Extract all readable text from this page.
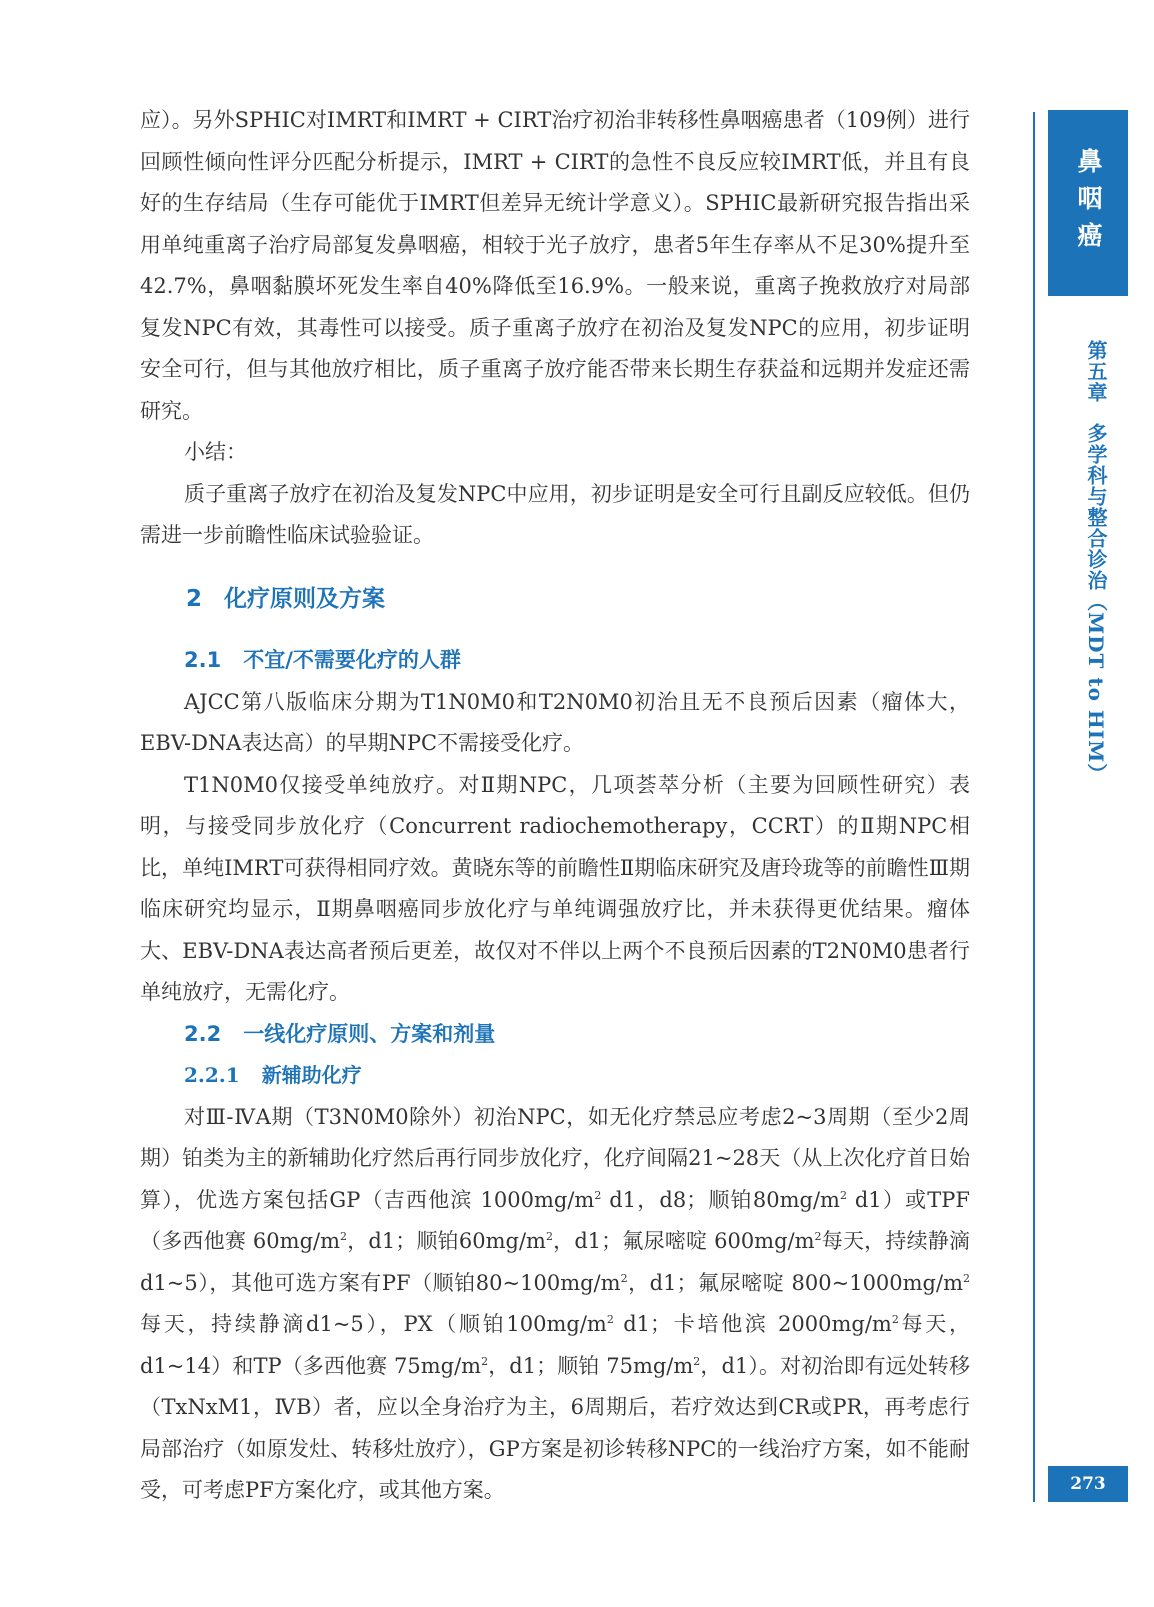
应）。另外SPHIC对IMRT和IMRT + CIRT治疗初治非转移性鼻咽癌患者（109例）进行回顾性倾向性评分匹配分析提示，IMRT + CIRT的急性不良反应较IMRT低，并且有良好的生存结局（生存可能优于IMRT但差异无统计学意义）。SPHIC最新研究报告指出采用单纯重离子治疗局部复发鼻咽癌，相较于光子放疗，患者5年生存率从不足30%提升至42.7%，鼻咽黏膜坏死发生率自40%降低至16.9%。一般来说，重离子挽救放疗对局部复发NPC有效，其毒性可以接受。质子重离子放疗在初治及复发NPC的应用，初步证明安全可行，但与其他放疗相比，质子重离子放疗能否带来长期生存获益和远期并发症还需研究。

小结：

质子重离子放疗在初治及复发NPC中应用，初步证明是安全可行且副反应较低。但仍需进一步前瞻性临床试验验证。

2 化疗原则及方案
2.1 不宜/不需要化疗的人群

AJCC第八版临床分期为T1N0M0和T2N0M0初治且无不良预后因素（瘤体大，EBV-DNA表达高）的早期NPC不需接受化疗。

T1N0M0仅接受单纯放疗。对Ⅱ期NPC，几项荟萃分析（主要为回顾性研究）表明，与接受同步放化疗（Concurrent radiochemotherapy，CCRT）的Ⅱ期NPC相比，单纯IMRT可获得相同疗效。黄晓东等的前瞻性Ⅱ期临床研究及唐玲珑等的前瞻性Ⅲ期临床研究均显示，Ⅱ期鼻咽癌同步放化疗与单纯调强放疗比，并未获得更优结果。瘤体大、EBV-DNA表达高者预后更差，故仅对不伴以上两个不良预后因素的T2N0M0患者行单纯放疗，无需化疗。

2.2 一线化疗原则、方案和剂量
2.2.1 新辅助化疗

对Ⅲ-ⅣA期（T3N0M0除外）初治NPC，如无化疗禁忌应考虑2~3周期（至少2周期）铂类为主的新辅助化疗然后再行同步放化疗，化疗间隔21~28天（从上次化疗首日始算），优选方案包括GP（吉西他滨 $1000mg/m^2$ d1，d8；顺铂$80mg/m^2$ d1）或TPF（多西他赛 $60mg/m^2$，d1；顺铂$60mg/m^2$，d1；氟尿嘧啶 $600mg/m^2$每天，持续静滴d1~5），其他可选方案有PF（顺铂$80\sim 100mg/m^2$，d1；氟尿嘧啶 $800\sim 1000mg/m^2$每天，持续静滴d1~5），PX（顺铂$100mg/m^2$ d1；卡培他滨 $2000mg/m^2$每天，d1~14）和TP（多西他赛 $75mg/m^2$，d1；顺铂 $75mg/m^2$，d1）。对初治即有远处转移（TxNxM1，ⅣB）者，应以全身治疗为主，6周期后，若疗效达到CR或PR，再考虑行局部治疗（如原发灶、转移灶放疗），GP方案是初诊转移NPC的一线治疗方案，如不能耐受，可考虑PF方案化疗，或其他方案。

鼻咽癌
第五章多学科与整合诊治（MDT to HIM）
273
